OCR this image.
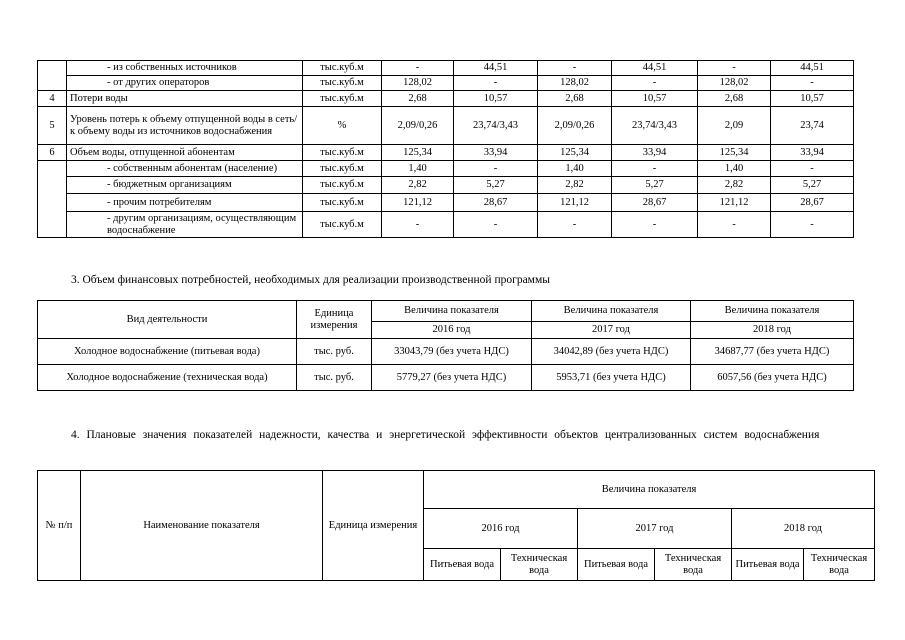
	- из собственных источников	тыс.куб.м	-	44,51	-	44,51	-	44,51
	- от других операторов	тыс.куб.м	128,02	-	128,02	-	128,02	-
4	Потери воды	тыс.куб.м	2,68	10,57	2,68	10,57	2,68	10,57
5	Уровень потерь к объему отпущенной воды в сеть/ к объему воды из источников водоснабжения	%	2,09/0,26	23,74/3,43	2,09/0,26	23,74/3,43	2,09	23,74
6	Объем воды, отпущенной абонентам	тыс.куб.м	125,34	33,94	125,34	33,94	125,34	33,94
	- собственным абонентам (население)	тыс.куб.м	1,40	-	1,40	-	1,40	-
	- бюджетным организациям	тыс.куб.м	2,82	5,27	2,82	5,27	2,82	5,27
	- прочим потребителям	тыс.куб.м	121,12	28,67	121,12	28,67	121,12	28,67
	- другим организациям, осуществляющим водоснабжение	тыс.куб.м	-	-	-	-	-	-
3. Объем финансовых потребностей, необходимых для реализации производственной программы
Вид деятельности	Единица измерения	Величина показателя	Величина показателя	Величина показателя
		2016 год	2017 год	2018 год
Холодное водоснабжение (питьевая вода)	тыс. руб.	33043,79 (без учета НДС)	34042,89 (без учета НДС)	34687,77 (без учета НДС)
Холодное водоснабжение (техническая вода)	тыс. руб.	5779,27 (без учета НДС)	5953,71 (без учета НДС)	6057,56 (без учета НДС)
4. Плановые значения показателей надежности, качества и энергетической эффективности объектов централизованных систем водоснабжения
№ п/п	Наименование показателя	Единица измерения	Величина показателя					
			2016 год		2017 год		2018 год	
			Питьевая вода	Техническая вода	Питьевая вода	Техническая вода	Питьевая вода	Техническая вода
